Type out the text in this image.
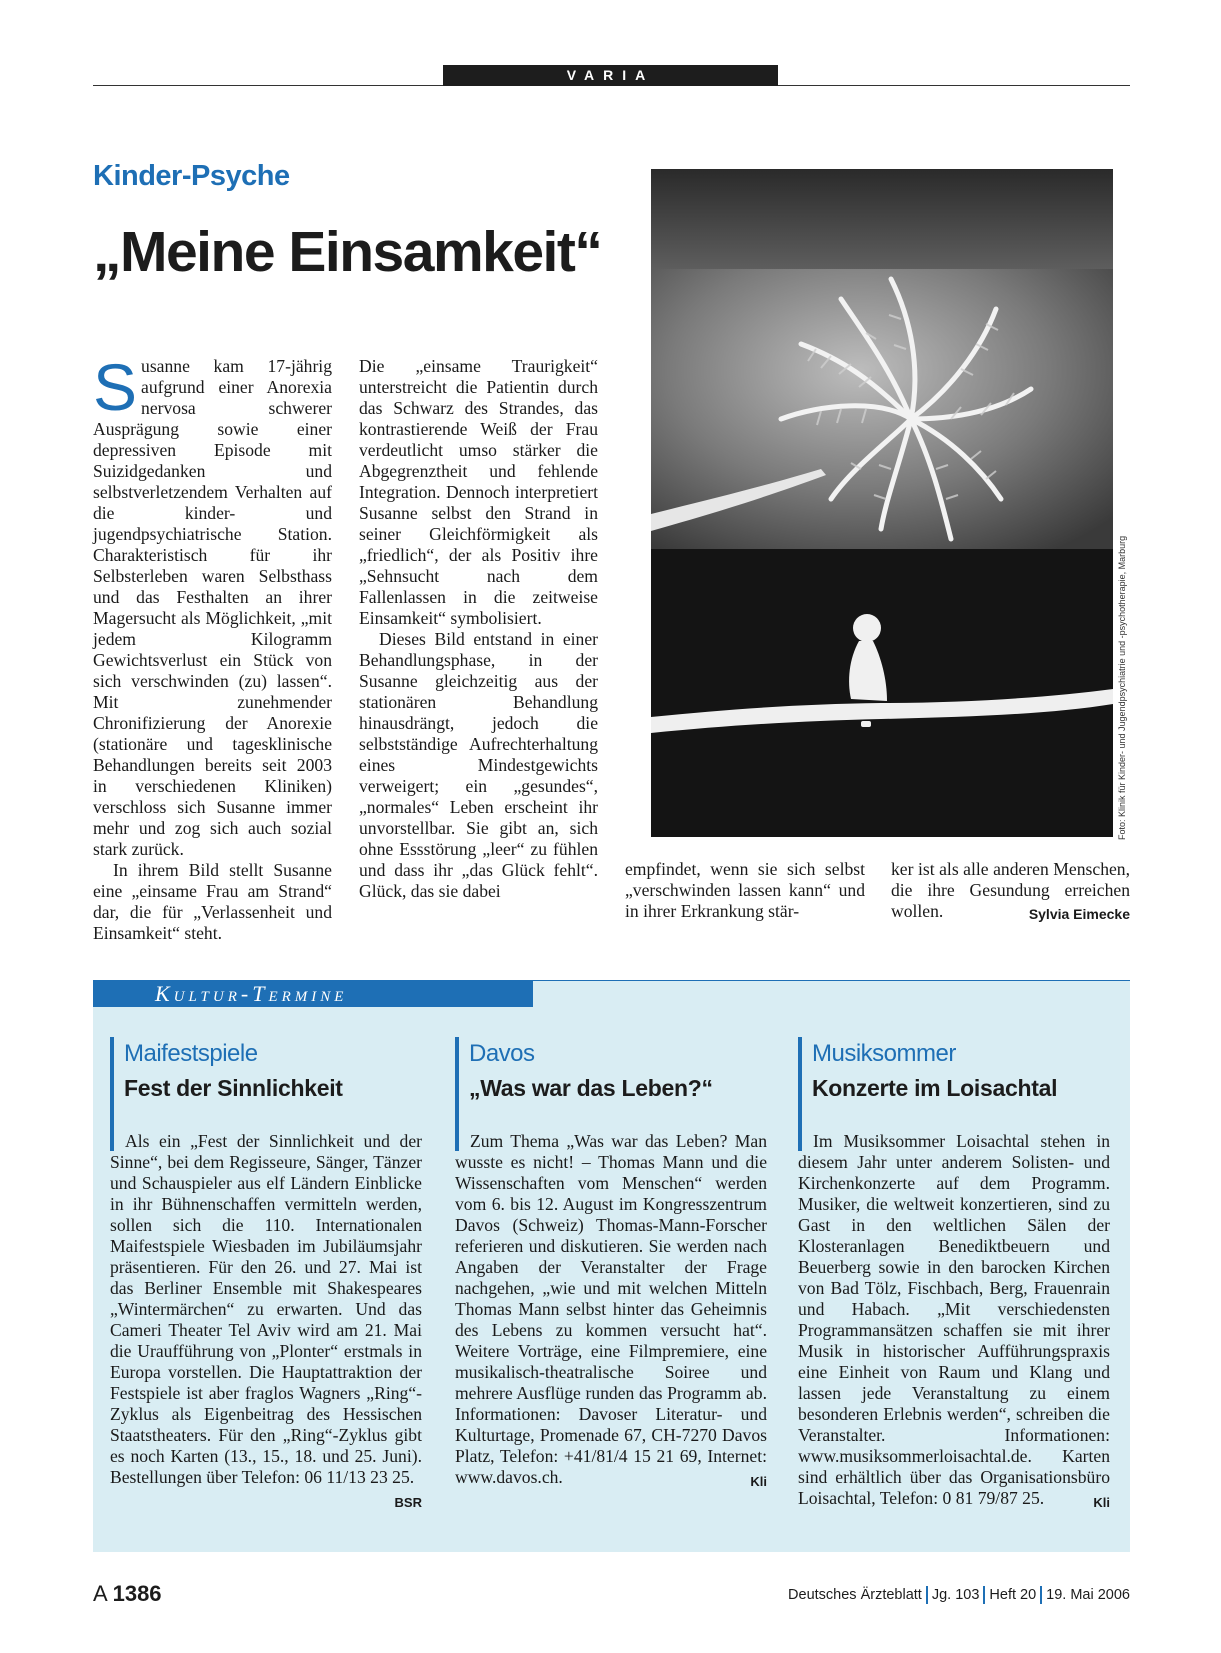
VARIA
Kinder-Psyche
„Meine Einsamkeit“

Susanne kam 17-jährig aufgrund einer Anorexia nervosa schwerer Ausprägung sowie einer depressiven Episode mit Suizidgedanken und selbstverletzendem Verhalten auf die kinder- und jugendpsychiatrische Station. Charakteristisch für ihr Selbsterleben waren Selbsthass und das Festhalten an ihrer Magersucht als Möglichkeit, „mit jedem Kilogramm Gewichtsverlust ein Stück von sich verschwinden (zu) lassen“. Mit zunehmender Chronifizierung der Anorexie (stationäre und tagesklinische Behandlungen bereits seit 2003 in verschiedenen Kliniken) verschloss sich Susanne immer mehr und zog sich auch sozial stark zurück.

In ihrem Bild stellt Susanne eine „einsame Frau am Strand“ dar, die für „Verlassenheit und Einsamkeit“ steht.

Die „einsame Traurigkeit“ unterstreicht die Patientin durch das Schwarz des Strandes, das kontrastierende Weiß der Frau verdeutlicht umso stärker die Abgegrenztheit und fehlende Integration. Dennoch interpretiert Susanne selbst den Strand in seiner Gleichförmigkeit als „friedlich“, der als Positiv ihre „Sehnsucht nach dem Fallenlassen in die zeitweise Einsamkeit“ symbolisiert.

Dieses Bild entstand in einer Behandlungsphase, in der Susanne gleichzeitig aus der stationären Behandlung hinausdrängt, jedoch die selbstständige Aufrechterhaltung eines Mindestgewichts verweigert; ein „gesundes“, „normales“ Leben erscheint ihr unvorstellbar. Sie gibt an, sich ohne Essstörung „leer“ zu fühlen und dass ihr „das Glück fehlt“. Glück, das sie dabei

empfindet, wenn sie sich selbst „verschwinden lassen kann“ und in ihrer Erkrankung stär-

ker ist als alle anderen Menschen, die ihre Gesundung erreichen wollen.	Sylvia Eimecke

Foto: Klinik für Kinder- und Jugendpsychiatrie und -psychotherapie, Marburg
Kultur-Termine
Maifestspiele
Fest der Sinnlichkeit

Als ein „Fest der Sinnlichkeit und der Sinne“, bei dem Regisseure, Sänger, Tänzer und Schauspieler aus elf Ländern Einblicke in ihr Bühnenschaffen vermitteln werden, sollen sich die 110. Internationalen Maifestspiele Wiesbaden im Jubiläumsjahr präsentieren. Für den 26. und 27. Mai ist das Berliner Ensemble mit Shakespeares „Wintermärchen“ zu erwarten. Und das Cameri Theater Tel Aviv wird am 21. Mai die Uraufführung von „Plonter“ erstmals in Europa vorstellen. Die Hauptattraktion der Festspiele ist aber fraglos Wagners „Ring“-Zyklus als Eigenbeitrag des Hessischen Staatstheaters. Für den „Ring“-Zyklus gibt es noch Karten (13., 15., 18. und 25. Juni). Bestellungen über Telefon: 06 11/13 23 25.
BSR

Davos
„Was war das Leben?“

Zum Thema „Was war das Leben? Man wusste es nicht! – Thomas Mann und die Wissenschaften vom Menschen“ werden vom 6. bis 12. August im Kongresszentrum Davos (Schweiz) Thomas-Mann-Forscher referieren und diskutieren. Sie werden nach Angaben der Veranstalter der Frage nachgehen, „wie und mit welchen Mitteln Thomas Mann selbst hinter das Geheimnis des Lebens zu kommen versucht hat“. Weitere Vorträge, eine Filmpremiere, eine musikalisch-theatralische Soiree und mehrere Ausflüge runden das Programm ab. Informationen: Davoser Literatur- und Kulturtage, Promenade 67, CH-7270 Davos Platz, Telefon: +41/81/4 15 21 69, Internet: www.davos.ch.	Kli

Musiksommer
Konzerte im Loisachtal

Im Musiksommer Loisachtal stehen in diesem Jahr unter anderem Solisten- und Kirchenkonzerte auf dem Programm. Musiker, die weltweit konzertieren, sind zu Gast in den weltlichen Sälen der Klosteranlagen Benediktbeuern und Beuerberg sowie in den barocken Kirchen von Bad Tölz, Fischbach, Berg, Frauenrain und Habach. „Mit verschiedensten Programmansätzen schaffen sie mit ihrer Musik in historischer Aufführungspraxis eine Einheit von Raum und Klang und lassen jede Veranstaltung zu einem besonderen Erlebnis werden“, schreiben die Veranstalter. Informationen: www.musiksommerloisachtal.de. Karten sind erhältlich über das Organisationsbüro Loisachtal, Telefon: 0 81 79/87 25.	Kli

A 1386	Deutsches Ärzteblatt Jg. 103 Heft 20 19. Mai 2006
